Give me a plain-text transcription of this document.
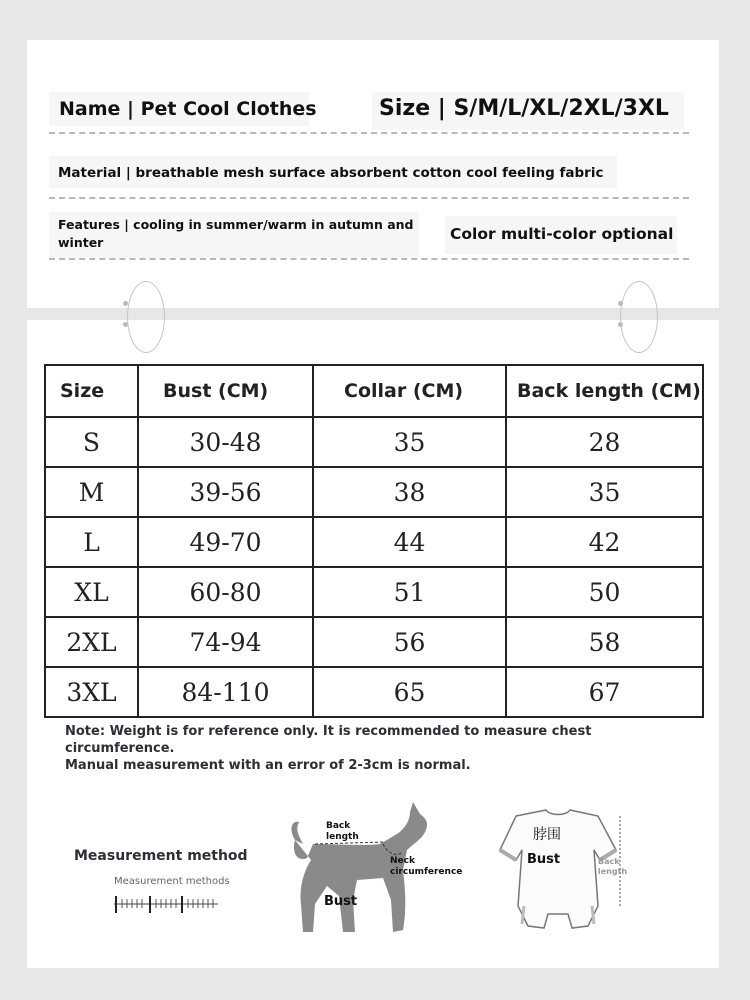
Name | Pet Cool Clothes	Size | S/M/L/XL/2XL/3XL
Material | breathable mesh surface absorbent cotton cool feeling fabric
Features | cooling in summer/warm in autumn and
winter	Color multi-color optional
Size	Bust (CM)	Collar (CM)	Back length (CM)
S	30-48	35	28
M	39-56	38	35
L	49-70	44	42
XL	60-80	51	50
2XL	74-94	56	58
3XL	84-110	65	67
Note: Weight is for reference only. It is recommended to measure chest circumference.
Manual measurement with an error of 2-3cm is normal.
Measurement method
Measurement methods
Back
length
Neck
circumference
Bust
脖围
Bust	Back
length
